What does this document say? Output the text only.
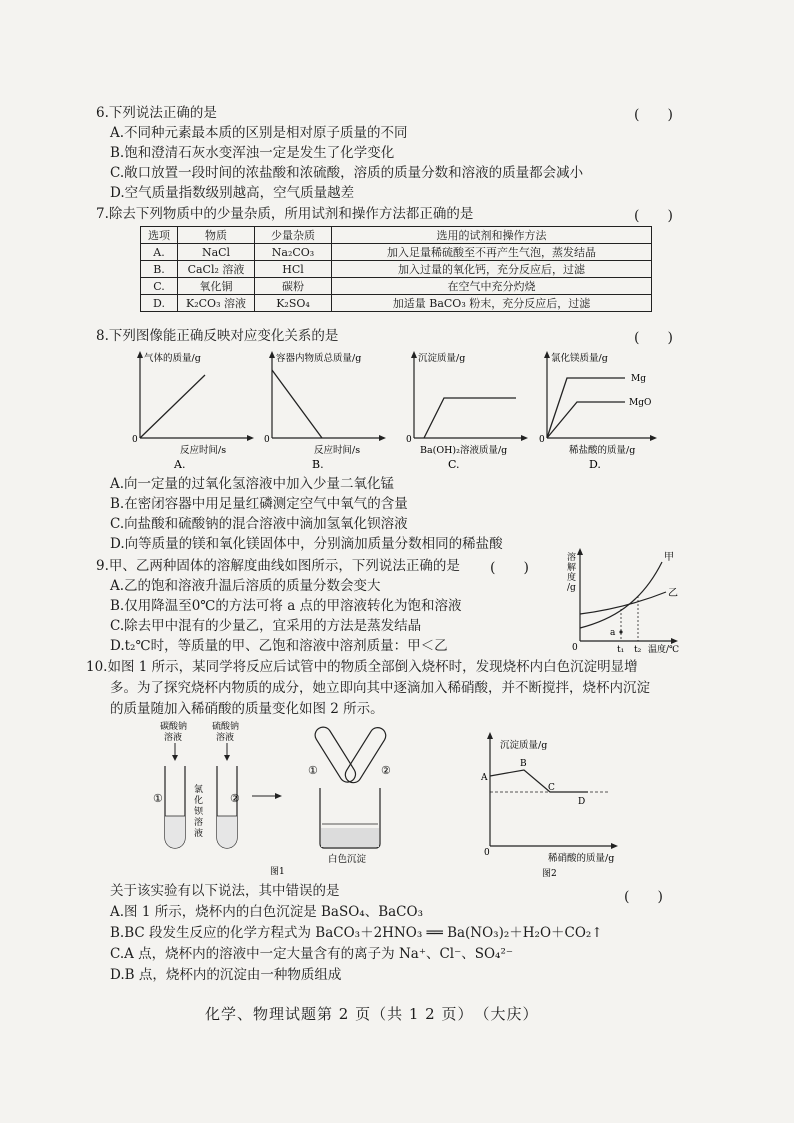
6.下列说法正确的是	(　　)
A.不同种元素最本质的区别是相对原子质量的不同
B.饱和澄清石灰水变浑浊一定是发生了化学变化
C.敞口放置一段时间的浓盐酸和浓硫酸，溶质的质量分数和溶液的质量都会减小
D.空气质量指数级别越高，空气质量越差
7.除去下列物质中的少量杂质，所用试剂和操作方法都正确的是	(　　)
选项	物质	少量杂质	选用的试剂和操作方法
A.	NaCl	Na₂CO₃	加入足量稀硫酸至不再产生气泡，蒸发结晶
B.	CaCl₂ 溶液	HCl	加入过量的氧化钙，充分反应后，过滤
C.	氧化铜	碳粉	在空气中充分灼烧
D.	K₂CO₃ 溶液	K₂SO₄	加适量 BaCO₃ 粉末，充分反应后，过滤
8.下列图像能正确反映对应变化关系的是	(　　)
气体的质量/g
0
反应时间/s
A.
容器内物质总质量/g
0
反应时间/s
B.
沉淀质量/g
0
Ba(OH)₂溶液质量/g
C.
Mg
MgO
氯化镁质量/g
0
稀盐酸的质量/g
D.
A.向一定量的过氧化氢溶液中加入少量二氧化锰
B.在密闭容器中用足量红磷测定空气中氧气的含量
C.向盐酸和硫酸钠的混合溶液中滴加氢氧化钡溶液
D.向等质量的镁和氧化镁固体中，分别滴加质量分数相同的稀盐酸
9.甲、乙两种固体的溶解度曲线如图所示，下列说法正确的是 (　　)
A.乙的饱和溶液升温后溶质的质量分数会变大
B.仅用降温至0℃的方法可将 a 点的甲溶液转化为饱和溶液
C.除去甲中混有的少量乙，宜采用的方法是蒸发结晶
D.t₂℃时，等质量的甲、乙饱和溶液中溶剂质量：甲＜乙
溶
解
度
/g
甲
乙
a
0	t₁ t₂ 温度/℃
10.如图 1 所示，某同学将反应后试管中的物质全部倒入烧杯时，发现烧杯内白色沉淀明显增
多。为了探究烧杯内物质的成分，她立即向其中逐滴加入稀硝酸，并不断搅拌，烧杯内沉淀
的质量随加入稀硝酸的质量变化如图 2 所示。
碳酸钠
溶液
硫酸钠
溶液
①	②
氯
化
钡
溶
液
①	②
白色沉淀
图1
沉淀质量/g
A
B
C
D
0	稀硝酸的质量/g
图2
关于该实验有以下说法，其中错误的是	(　　)
A.图 1 所示，烧杯内的白色沉淀是 BaSO₄、BaCO₃
B.BC 段发生反应的化学方程式为 BaCO₃＋2HNO₃ ══ Ba(NO₃)₂＋H₂O＋CO₂↑
C.A 点，烧杯内的溶液中一定大量含有的离子为 Na⁺、Cl⁻、SO₄²⁻
D.B 点，烧杯内的沉淀由一种物质组成
化学、物理试题第 2 页（共 1 2 页）　（大庆）
